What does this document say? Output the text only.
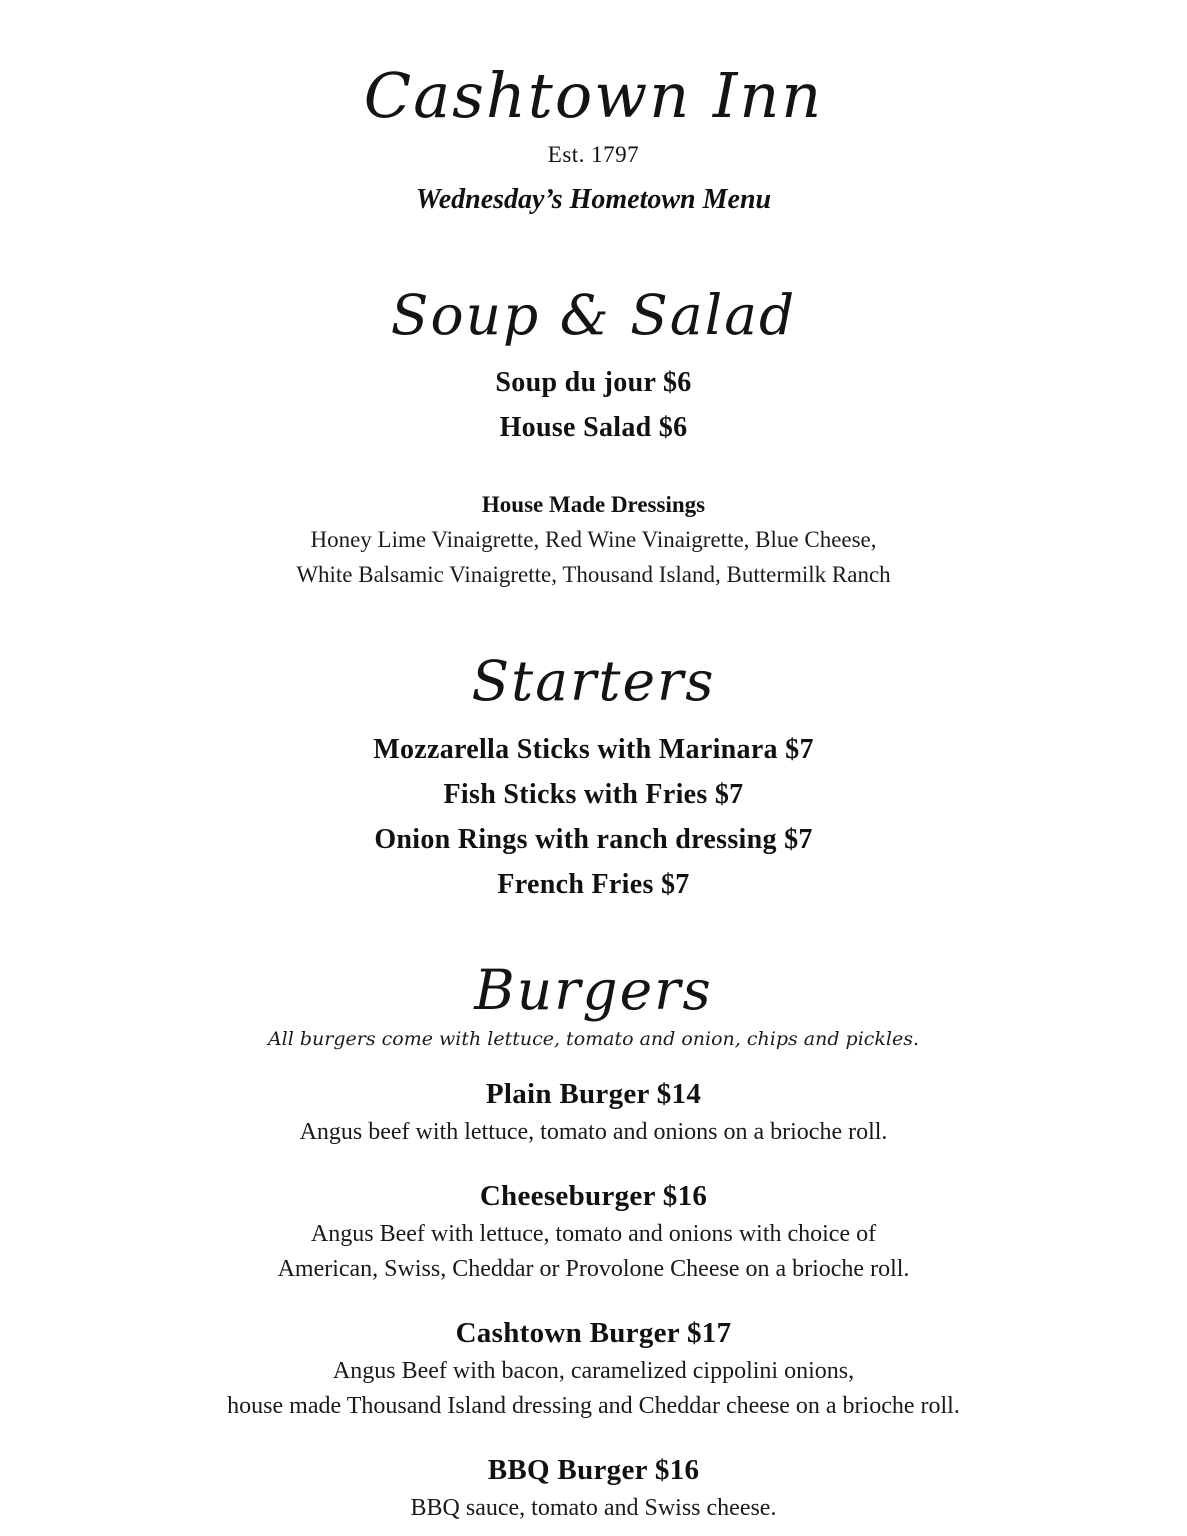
Cashtown Inn
Est. 1797
Wednesday’s Hometown Menu
Soup & Salad
Soup du jour $6
House Salad $6
House Made Dressings
Honey Lime Vinaigrette, Red Wine Vinaigrette, Blue Cheese,
White Balsamic Vinaigrette, Thousand Island, Buttermilk Ranch
Starters
Mozzarella Sticks with Marinara $7
Fish Sticks with Fries $7
Onion Rings with ranch dressing $7
French Fries $7
Burgers
All burgers come with lettuce, tomato and onion, chips and pickles.
Plain Burger $14
Angus beef with lettuce, tomato and onions on a brioche roll.
Cheeseburger $16
Angus Beef with lettuce, tomato and onions with choice of
American, Swiss, Cheddar or Provolone Cheese on a brioche roll.
Cashtown Burger $17
Angus Beef with bacon, caramelized cippolini onions,
house made Thousand Island dressing and Cheddar cheese on a brioche roll.
BBQ Burger $16
BBQ sauce, tomato and Swiss cheese.
